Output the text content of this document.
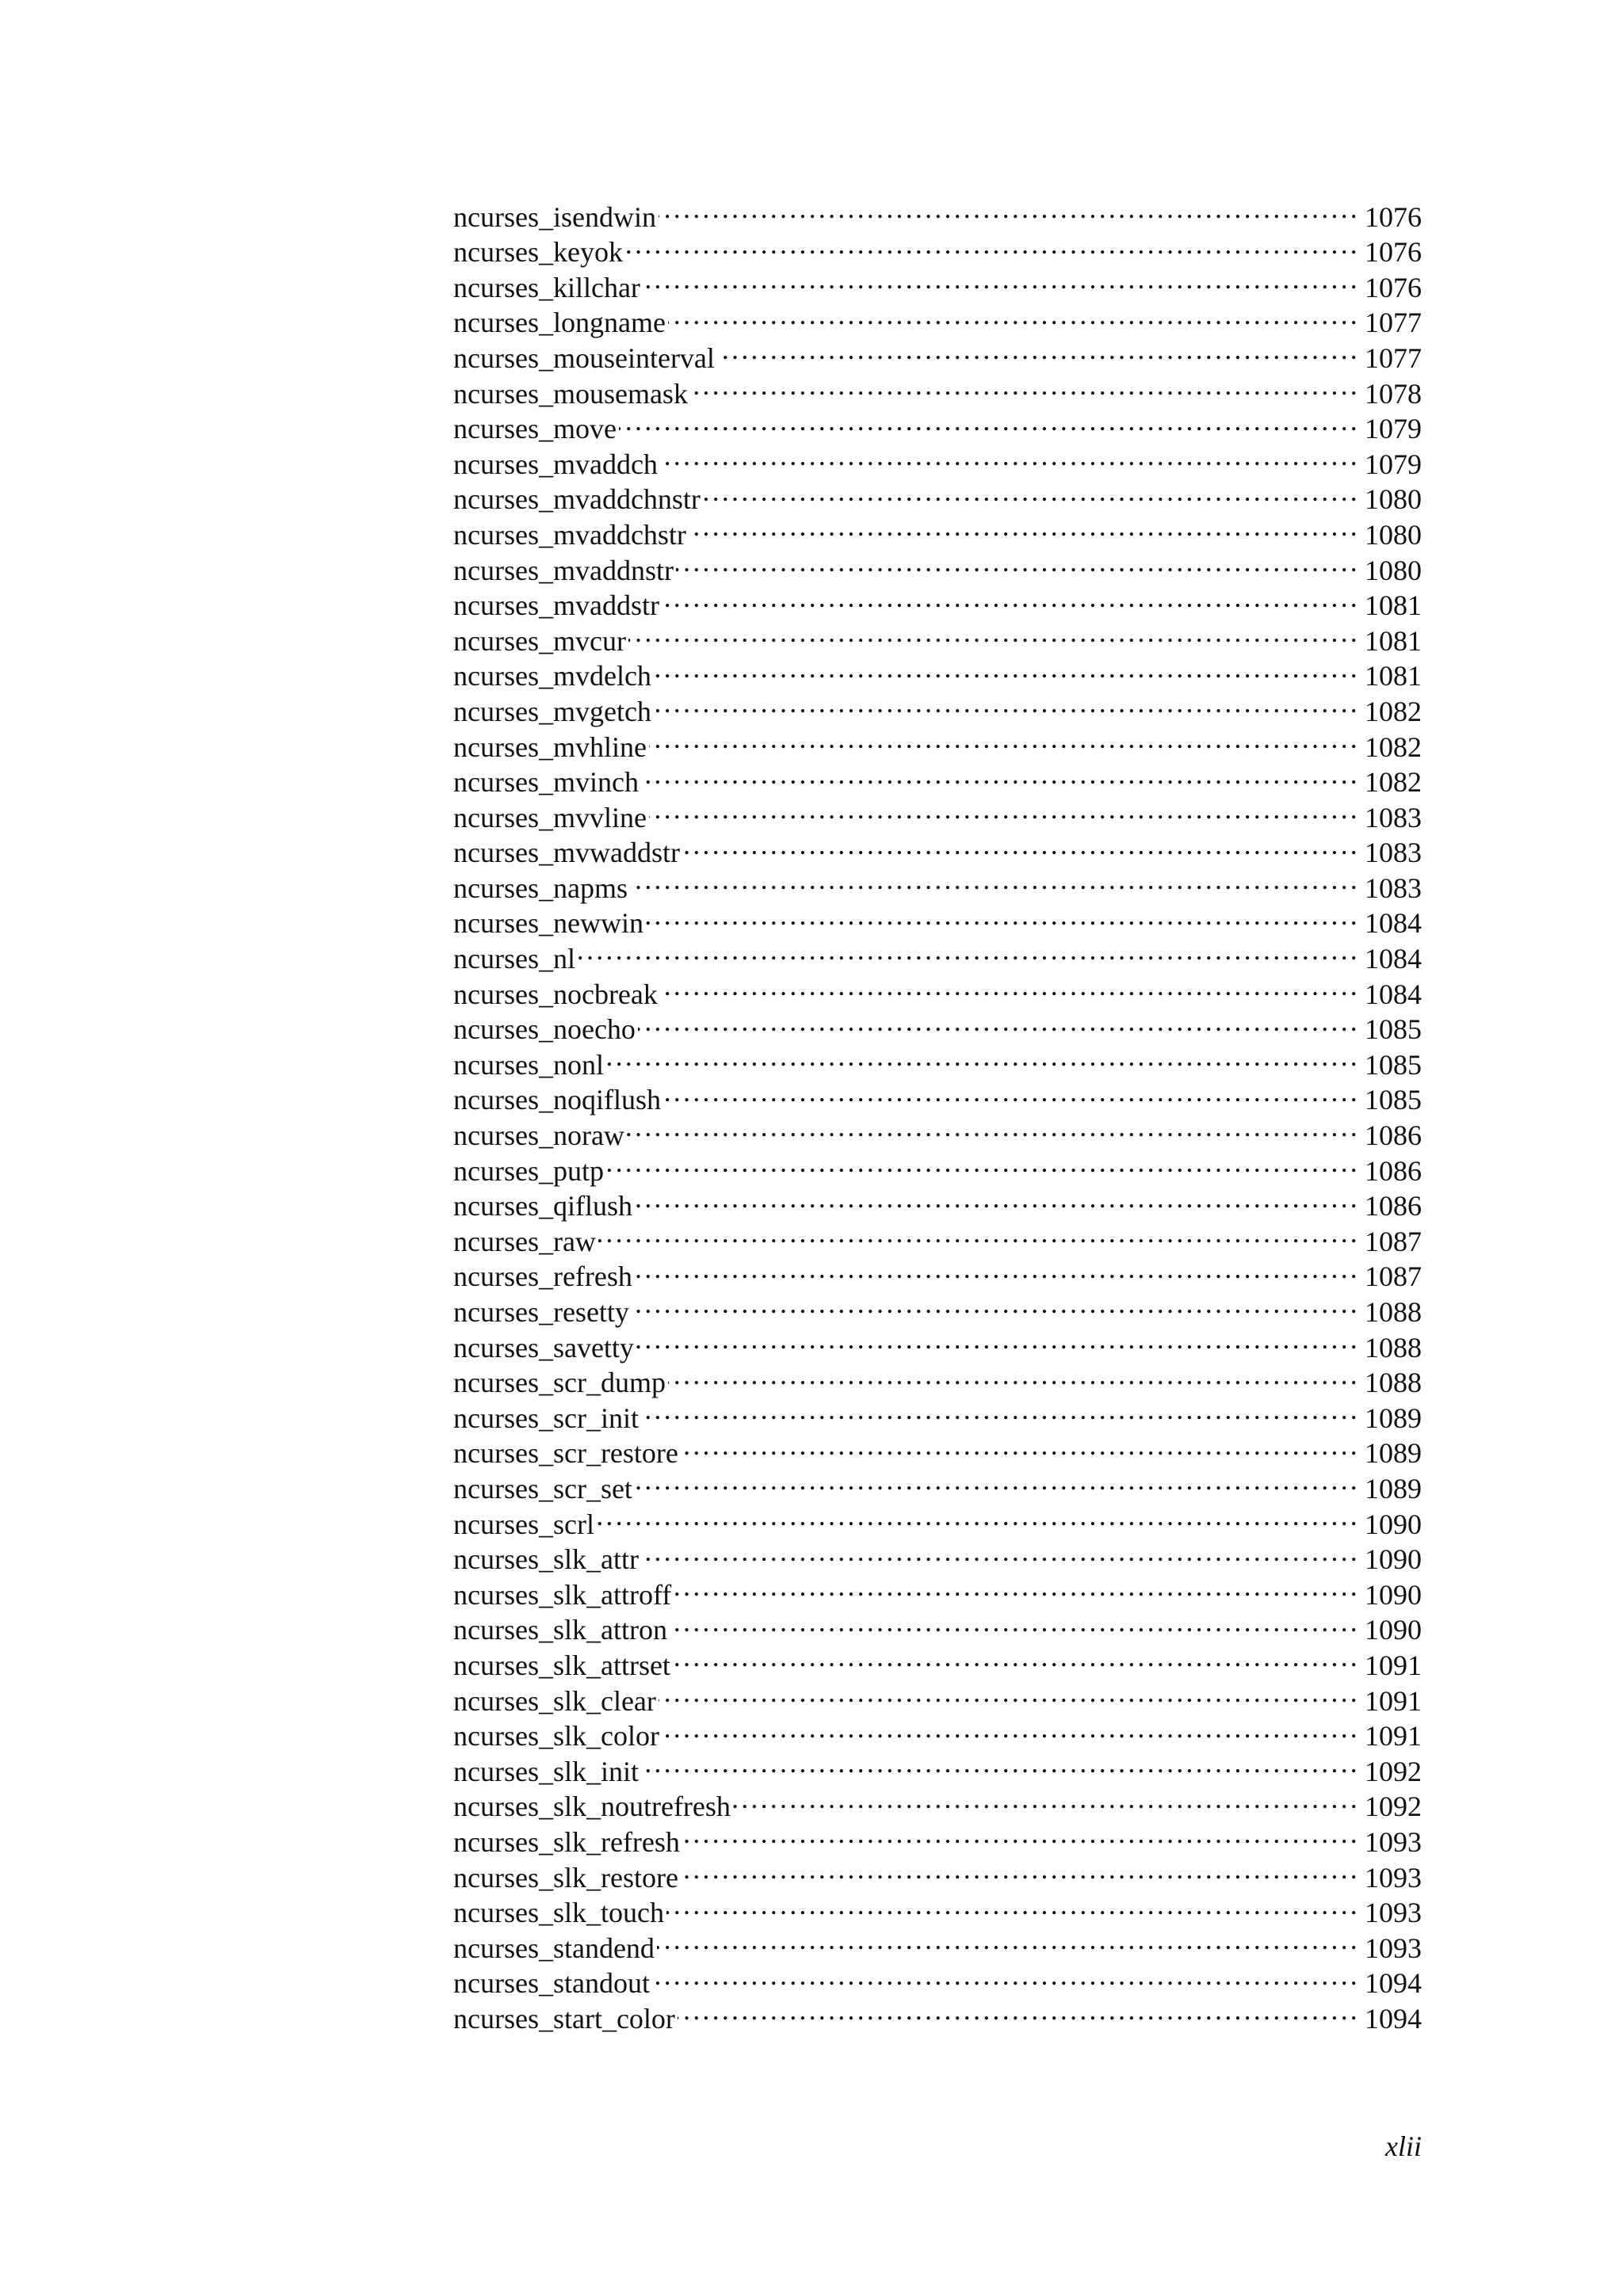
ncurses_isendwin .....	1076
ncurses_keyok .....	1076
ncurses_killchar .....	1076
ncurses_longname .....	1077
ncurses_mouseinterval .....	1077
ncurses_mousemask .....	1078
ncurses_move .....	1079
ncurses_mvaddch .....	1079
ncurses_mvaddchnstr .....	1080
ncurses_mvaddchstr .....	1080
ncurses_mvaddnstr .....	1080
ncurses_mvaddstr .....	1081
ncurses_mvcur .....	1081
ncurses_mvdelch .....	1081
ncurses_mvgetch .....	1082
ncurses_mvhline .....	1082
ncurses_mvinch .....	1082
ncurses_mvvline .....	1083
ncurses_mvwaddstr .....	1083
ncurses_napms .....	1083
ncurses_newwin .....	1084
ncurses_nl .....	1084
ncurses_nocbreak .....	1084
ncurses_noecho .....	1085
ncurses_nonl .....	1085
ncurses_noqiflush .....	1085
ncurses_noraw .....	1086
ncurses_putp .....	1086
ncurses_qiflush .....	1086
ncurses_raw .....	1087
ncurses_refresh .....	1087
ncurses_resetty .....	1088
ncurses_savetty .....	1088
ncurses_scr_dump .....	1088
ncurses_scr_init .....	1089
ncurses_scr_restore .....	1089
ncurses_scr_set .....	1089
ncurses_scrl .....	1090
ncurses_slk_attr .....	1090
ncurses_slk_attroff .....	1090
ncurses_slk_attron .....	1090
ncurses_slk_attrset .....	1091
ncurses_slk_clear .....	1091
ncurses_slk_color .....	1091
ncurses_slk_init .....	1092
ncurses_slk_noutrefresh .....	1092
ncurses_slk_refresh .....	1093
ncurses_slk_restore .....	1093
ncurses_slk_touch .....	1093
ncurses_standend .....	1093
ncurses_standout .....	1094
ncurses_start_color .....	1094
xlii
